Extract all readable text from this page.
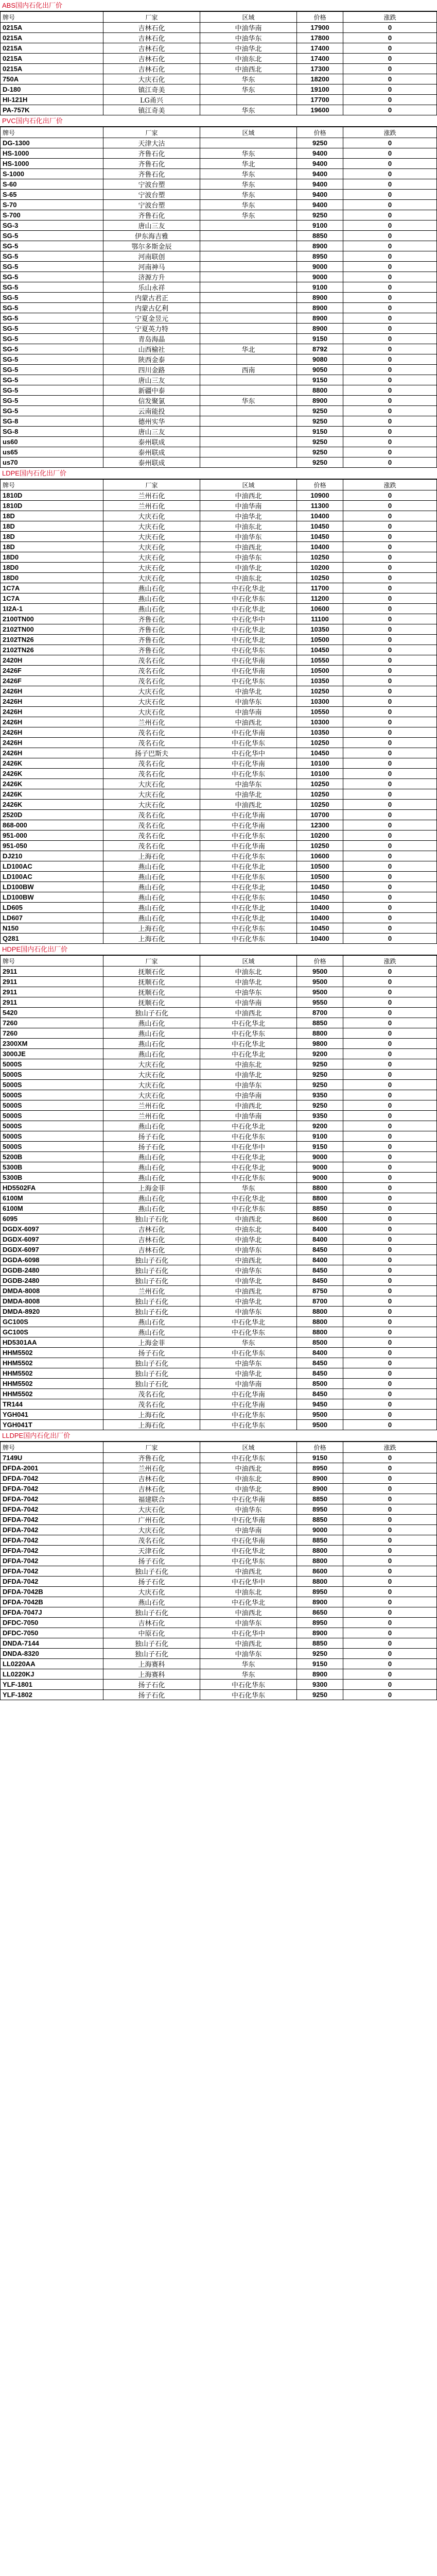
ABS国内石化出厂价
牌号	厂家	区域	价格	涨跌
0215A	吉林石化	中油华南	17900	0
0215A	吉林石化	中油华东	17800	0
0215A	吉林石化	中油华北	17400	0
0215A	吉林石化	中油东北	17400	0
0215A	吉林石化	中油西北	17300	0
750A	大庆石化	华东	18200	0
D-180	镇江奇美	华东	19100	0
HI-121H	LG甬兴		17700	0
PA-757K	镇江奇美	华东	19600	0
PVC国内石化出厂价
牌号	厂家	区域	价格	涨跌
DG-1300	天津大沽		9250	0
HS-1000	齐鲁石化	华东	9400	0
HS-1000	齐鲁石化	华北	9400	0
S-1000	齐鲁石化	华东	9400	0
S-60	宁波台塑	华东	9400	0
S-65	宁波台塑	华东	9400	0
S-70	宁波台塑	华东	9400	0
S-700	齐鲁石化	华东	9250	0
SG-3	唐山三友		9100	0
SG-5	伊东海吉雅		8850	0
SG-5	鄂尔多斯金辰		8900	0
SG-5	河南联创		8950	0
SG-5	河南神马		9000	0
SG-5	济源方升		9000	0
SG-5	乐山永祥		9100	0
SG-5	内蒙古君正		8900	0
SG-5	内蒙古亿利		8900	0
SG-5	宁夏金昱元		8900	0
SG-5	宁夏英力特		8900	0
SG-5	青岛海晶		9150	0
SG-5	山西榆社	华北	8792	0
SG-5	陕西金泰		9080	0
SG-5	四川金路	西南	9050	0
SG-5	唐山三友		9150	0
SG-5	新疆中泰		8800	0
SG-5	信发聚氯	华东	8900	0
SG-5	云南能投		9250	0
SG-8	德州实华		9250	0
SG-8	唐山三友		9150	0
us60	泰州联成		9250	0
us65	泰州联成		9250	0
us70	泰州联成		9250	0
LDPE国内石化出厂价
牌号	厂家	区域	价格	涨跌
1810D	兰州石化	中油西北	10900	0
1810D	兰州石化	中油华南	11300	0
18D	大庆石化	中油华北	10400	0
18D	大庆石化	中油东北	10450	0
18D	大庆石化	中油华东	10450	0
18D	大庆石化	中油西北	10400	0
18D0	大庆石化	中油华东	10250	0
18D0	大庆石化	中油华北	10200	0
18D0	大庆石化	中油东北	10250	0
1C7A	燕山石化	中石化华北	11700	0
1C7A	燕山石化	中石化华东	11200	0
1I2A-1	燕山石化	中石化华北	10600	0
2100TN00	齐鲁石化	中石化华中	11100	0
2102TN00	齐鲁石化	中石化华北	10350	0
2102TN26	齐鲁石化	中石化华北	10500	0
2102TN26	齐鲁石化	中石化华东	10450	0
2420H	茂名石化	中石化华南	10550	0
2426F	茂名石化	中石化华南	10500	0
2426F	茂名石化	中石化华东	10350	0
2426H	大庆石化	中油华北	10250	0
2426H	大庆石化	中油华东	10300	0
2426H	大庆石化	中油华南	10550	0
2426H	兰州石化	中油西北	10300	0
2426H	茂名石化	中石化华南	10350	0
2426H	茂名石化	中石化华东	10250	0
2426H	扬子巴斯夫	中石化华中	10450	0
2426K	茂名石化	中石化华南	10100	0
2426K	茂名石化	中石化华东	10100	0
2426K	大庆石化	中油华东	10250	0
2426K	大庆石化	中油华北	10250	0
2426K	大庆石化	中油西北	10250	0
2520D	茂名石化	中石化华南	10700	0
868-000	茂名石化	中石化华南	12300	0
951-000	茂名石化	中石化华东	10200	0
951-050	茂名石化	中石化华南	10250	0
DJ210	上海石化	中石化华东	10600	0
LD100AC	燕山石化	中石化华北	10500	0
LD100AC	燕山石化	中石化华东	10500	0
LD100BW	燕山石化	中石化华北	10450	0
LD100BW	燕山石化	中石化华东	10450	0
LD605	燕山石化	中石化华北	10400	0
LD607	燕山石化	中石化华北	10400	0
N150	上海石化	中石化华东	10450	0
Q281	上海石化	中石化华东	10400	0
HDPE国内石化出厂价
牌号	厂家	区域	价格	涨跌
2911	抚顺石化	中油东北	9500	0
2911	抚顺石化	中油华北	9500	0
2911	抚顺石化	中油华东	9500	0
2911	抚顺石化	中油华南	9550	0
5420	独山子石化	中油西北	8700	0
7260	燕山石化	中石化华北	8850	0
7260	燕山石化	中石化华东	8800	0
2300XM	燕山石化	中石化华北	9800	0
3000JE	燕山石化	中石化华北	9200	0
5000S	大庆石化	中油东北	9250	0
5000S	大庆石化	中油华北	9250	0
5000S	大庆石化	中油华东	9250	0
5000S	大庆石化	中油华南	9350	0
5000S	兰州石化	中油西北	9250	0
5000S	兰州石化	中油华南	9350	0
5000S	燕山石化	中石化华北	9200	0
5000S	扬子石化	中石化华东	9100	0
5000S	扬子石化	中石化华中	9150	0
5200B	燕山石化	中石化华北	9000	0
5300B	燕山石化	中石化华北	9000	0
5300B	燕山石化	中石化华东	9000	0
HD5502FA	上海金菲	华东	8800	0
6100M	燕山石化	中石化华北	8800	0
6100M	燕山石化	中石化华东	8850	0
6095	独山子石化	中油西北	8600	0
DGDX-6097	吉林石化	中油东北	8400	0
DGDX-6097	吉林石化	中油华北	8400	0
DGDX-6097	吉林石化	中油华东	8450	0
DGDA-6098	独山子石化	中油西北	8400	0
DGDB-2480	独山子石化	中油华东	8450	0
DGDB-2480	独山子石化	中油华北	8450	0
DMDA-8008	兰州石化	中油西北	8750	0
DMDA-8008	独山子石化	中油华北	8700	0
DMDA-8920	独山子石化	中油华东	8800	0
GC100S	燕山石化	中石化华北	8800	0
GC100S	燕山石化	中石化华东	8800	0
HD5301AA	上海金菲	华东	8500	0
HHM5502	扬子石化	中石化华东	8400	0
HHM5502	独山子石化	中油华东	8450	0
HHM5502	独山子石化	中油华北	8450	0
HHM5502	独山子石化	中油华南	8500	0
HHM5502	茂名石化	中石化华南	8450	0
TR144	茂名石化	中石化华南	9450	0
YGH041	上海石化	中石化华东	9500	0
YGH041T	上海石化	中石化华东	9500	0
LLDPE国内石化出厂价
牌号	厂家	区域	价格	涨跌
7149U	齐鲁石化	中石化华东	9150	0
DFDA-2001	兰州石化	中油西北	8950	0
DFDA-7042	吉林石化	中油东北	8900	0
DFDA-7042	吉林石化	中油华北	8900	0
DFDA-7042	福建联合	中石化华南	8850	0
DFDA-7042	大庆石化	中油华东	8950	0
DFDA-7042	广州石化	中石化华南	8850	0
DFDA-7042	大庆石化	中油华南	9000	0
DFDA-7042	茂名石化	中石化华南	8850	0
DFDA-7042	天津石化	中石化华北	8800	0
DFDA-7042	扬子石化	中石化华东	8800	0
DFDA-7042	独山子石化	中油西北	8600	0
DFDA-7042	扬子石化	中石化华中	8800	0
DFDA-7042B	大庆石化	中油东北	8950	0
DFDA-7042B	燕山石化	中石化华北	8900	0
DFDA-7047J	独山子石化	中油西北	8650	0
DFDC-7050	吉林石化	中油华东	8950	0
DFDC-7050	中原石化	中石化华中	8900	0
DNDA-7144	独山子石化	中油西北	8850	0
DNDA-8320	独山子石化	中油华东	9250	0
LL0220AA	上海赛科	华东	9150	0
LL0220KJ	上海赛科	华东	8900	0
YLF-1801	扬子石化	中石化华东	9300	0
YLF-1802	扬子石化	中石化华东	9250	0
